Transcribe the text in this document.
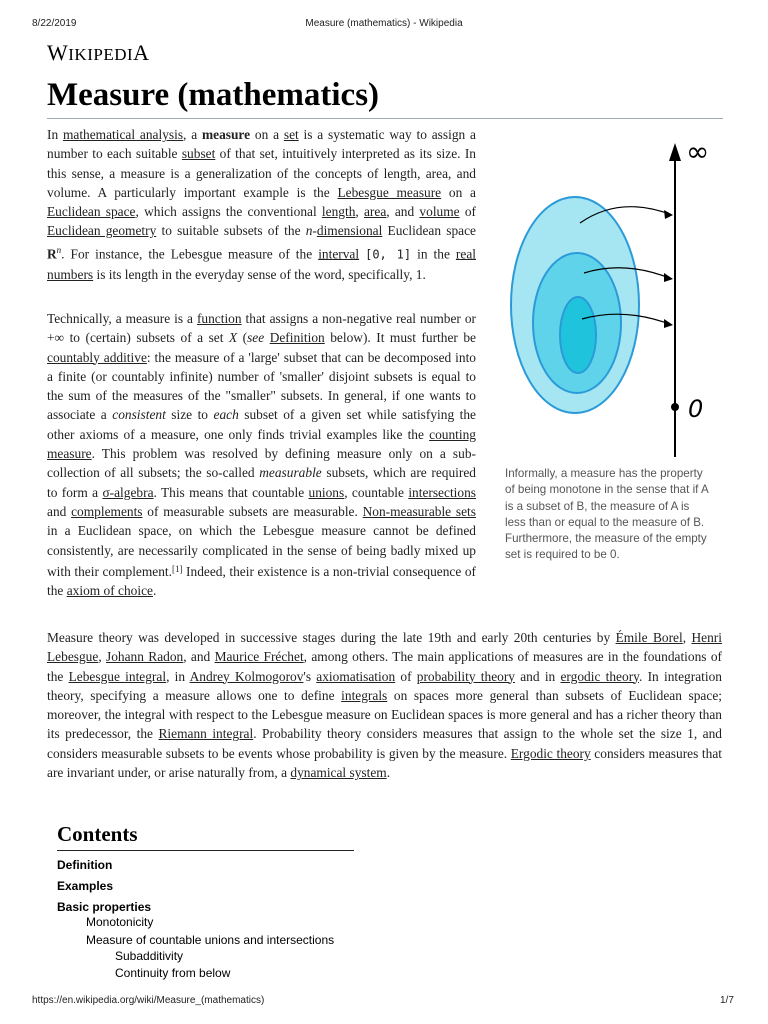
8/22/2019	Measure (mathematics) - Wikipedia
WIKIPEDIA
Measure (mathematics)

In mathematical analysis, a measure on a set is a systematic way to assign a number to each suitable subset of that set, intuitively interpreted as its size. In this sense, a measure is a generalization of the concepts of length, area, and volume. A particularly important example is the Lebesgue measure on a Euclidean space, which assigns the conventional length, area, and volume of Euclidean geometry to suitable subsets of the n-dimensional Euclidean space $R^n$. For instance, the Lebesgue measure of the interval [0, 1] in the real numbers is its length in the everyday sense of the word, specifically, 1.

Technically, a measure is a function that assigns a non-negative real number or +∞ to (certain) subsets of a set X (see Definition below). It must further be countably additive: the measure of a 'large' subset that can be decomposed into a finite (or countably infinite) number of 'smaller' disjoint subsets is equal to the sum of the measures of the "smaller" subsets. In general, if one wants to associate a consistent size to each subset of a given set while satisfying the other axioms of a measure, one only finds trivial examples like the counting measure. This problem was resolved by defining measure only on a sub-collection of all subsets; the so-called measurable subsets, which are required to form a σ-algebra. This means that countable unions, countable intersections and complements of measurable subsets are measurable. Non-measurable sets in a Euclidean space, on which the Lebesgue measure cannot be defined consistently, are necessarily complicated in the sense of being badly mixed up with their complement.[1] Indeed, their existence is a non-trivial consequence of the axiom of choice.

∞
0

Informally, a measure has the property of being monotone in the sense that if A is a subset of B, the measure of A is less than or equal to the measure of B. Furthermore, the measure of the empty set is required to be 0.

Measure theory was developed in successive stages during the late 19th and early 20th centuries by Émile Borel, Henri Lebesgue, Johann Radon, and Maurice Fréchet, among others. The main applications of measures are in the foundations of the Lebesgue integral, in Andrey Kolmogorov's axiomatisation of probability theory and in ergodic theory. In integration theory, specifying a measure allows one to define integrals on spaces more general than subsets of Euclidean space; moreover, the integral with respect to the Lebesgue measure on Euclidean spaces is more general and has a richer theory than its predecessor, the Riemann integral. Probability theory considers measures that assign to the whole set the size 1, and considers measurable subsets to be events whose probability is given by the measure. Ergodic theory considers measures that are invariant under, or arise naturally from, a dynamical system.

Contents
Definition
Examples
Basic properties
Monotonicity
Measure of countable unions and intersections
Subadditivity
Continuity from below
https://en.wikipedia.org/wiki/Measure_(mathematics)	1/7
